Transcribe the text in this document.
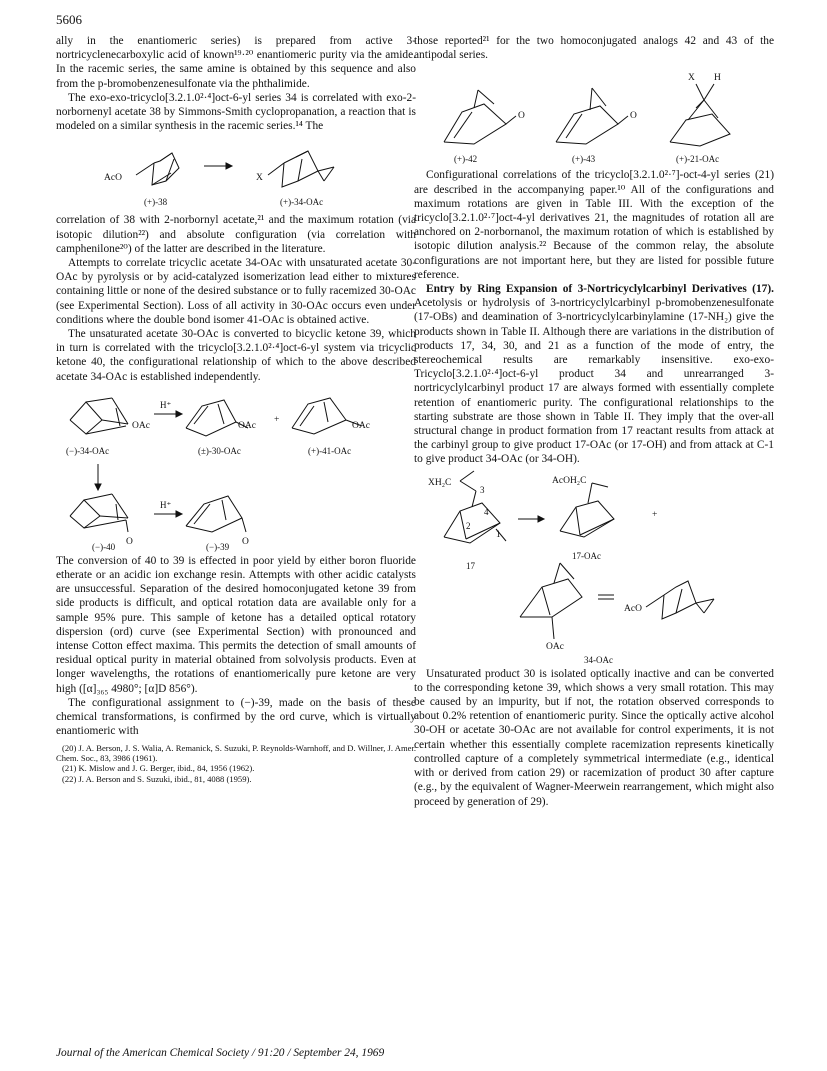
5606

ally in the enantiomeric series) is prepared from active 3-nortricyclenecarboxylic acid of known¹⁹·²⁰ enantiomeric purity via the amide. In the racemic series, the same amine is obtained by this sequence and also from the p-bromobenzenesulfonate via the phthalimide.

The exo-exo-tricyclo[3.2.1.0²·⁴]oct-6-yl series 34 is correlated with exo-2-norbornenyl acetate 38 by Simmons-Smith cyclopropanation, a reaction that is modeled on a similar synthesis in the racemic series.¹⁴ The

AcO	X
(+)-38	(+)-34-OAc

correlation of 38 with 2-norbornyl acetate,²¹ and the maximum rotation (via isotopic dilution²²) and absolute configuration (via correlation with camphenilone²⁰) of the latter are described in the literature.

Attempts to correlate tricyclic acetate 34-OAc with unsaturated acetate 30-OAc by pyrolysis or by acid-catalyzed isomerization lead either to mixtures containing little or none of the desired substance or to fully racemized 30-OAc (see Experimental Section). Loss of all activity in 30-OAc occurs even under conditions where the double bond isomer 41-OAc is obtained active.

The unsaturated acetate 30-OAc is converted to bicyclic ketone 39, which in turn is correlated with the tricyclo[3.2.1.0²·⁴]oct-6-yl system via tricyclic ketone 40, the configurational relationship of which to the above described acetate 34-OAc is established independently.

OAc
H⁺
OAc
+
OAc
(−)-34-OAc	(±)-30-OAc	(+)-41-OAc
O
H⁺
O
(−)-40	(−)-39

The conversion of 40 to 39 is effected in poor yield by either boron fluoride etherate or an acidic ion exchange resin. Attempts with other acidic catalysts are unsuccessful. Separation of the desired homoconjugated ketone 39 from side products is difficult, and optical rotation data are available only for a sample 95% pure. This sample of ketone has a detailed optical rotatory dispersion (ord) curve (see Experimental Section) with pronounced and intense Cotton effect maxima. This permits the detection of small amounts of residual optical purity in material obtained from solvolysis products. Even at longer wavelengths, the rotations of enantiomerically pure ketone are very high ([α]₃₆₅ 4980°; [α]D 856°).

The configurational assignment to (−)-39, made on the basis of these chemical transformations, is confirmed by the ord curve, which is virtually enantiomeric with

(20) J. A. Berson, J. S. Walia, A. Remanick, S. Suzuki, P. Reynolds-Warnhoff, and D. Willner, J. Amer. Chem. Soc., 83, 3986 (1961).
(21) K. Mislow and J. G. Berger, ibid., 84, 1956 (1962).
(22) J. A. Berson and S. Suzuki, ibid., 81, 4088 (1959).

those reported²¹ for the two homoconjugated analogs 42 and 43 of the antipodal series.

O	O
X H
(+)-42	(+)-43	(+)-21-OAc

Configurational correlations of the tricyclo[3.2.1.0²·⁷]-oct-4-yl series (21) are described in the accompanying paper.¹⁰ All of the configurations and maximum rotations are given in Table III. With the exception of the tricyclo[3.2.1.0²·⁷]oct-4-yl derivatives 21, the magnitudes of rotation all are anchored on 2-norbornanol, the maximum rotation of which is established by isotopic dilution analysis.²² Because of the common relay, the absolute configurations are not important here, but they are listed for possible future reference.

Entry by Ring Expansion of 3-Nortricyclylcarbinyl Derivatives (17). Acetolysis or hydrolysis of 3-nortricyclylcarbinyl p-bromobenzenesulfonate (17-OBs) and deamination of 3-nortricyclylcarbinylamine (17-NH₂) give the products shown in Table II. Although there are variations in the distribution of products 17, 34, 30, and 21 as a function of the mode of entry, the stereochemical results are remarkably insensitive. exo-exo-Tricyclo[3.2.1.0²·⁴]oct-6-yl product 34 and unrearranged 3-nortricyclylcarbinyl product 17 are always formed with essentially complete retention of enantiomeric purity. The configurational relationships to the starting substrate are those shown in Table II. They imply that the over-all structural change in product formation from 17 reactant results from attack at the carbinyl group to give product 17-OAc (or 17-OH) and from attack at C-1 to give product 34-OAc (or 34-OH).

XH₂C
4
2
3
1
17
AcOH₂C
+
17-OAc
OAc
AcO
34-OAc

Unsaturated product 30 is isolated optically inactive and can be converted to the corresponding ketone 39, which shows a very small rotation. This may be caused by an impurity, but if not, the rotation observed corresponds to about 0.2% retention of enantiomeric purity. Since the optically active alcohol 30-OH or acetate 30-OAc are not available for control experiments, it is not certain whether this essentially complete racemization represents kinetically controlled capture of a completely symmetrical intermediate (e.g., identical with or derived from cation 29) or racemization of product 30 after capture (e.g., by the equivalent of Wagner-Meerwein rearrangement, which might also proceed by generation of 29).

Journal of the American Chemical Society / 91:20 / September 24, 1969
